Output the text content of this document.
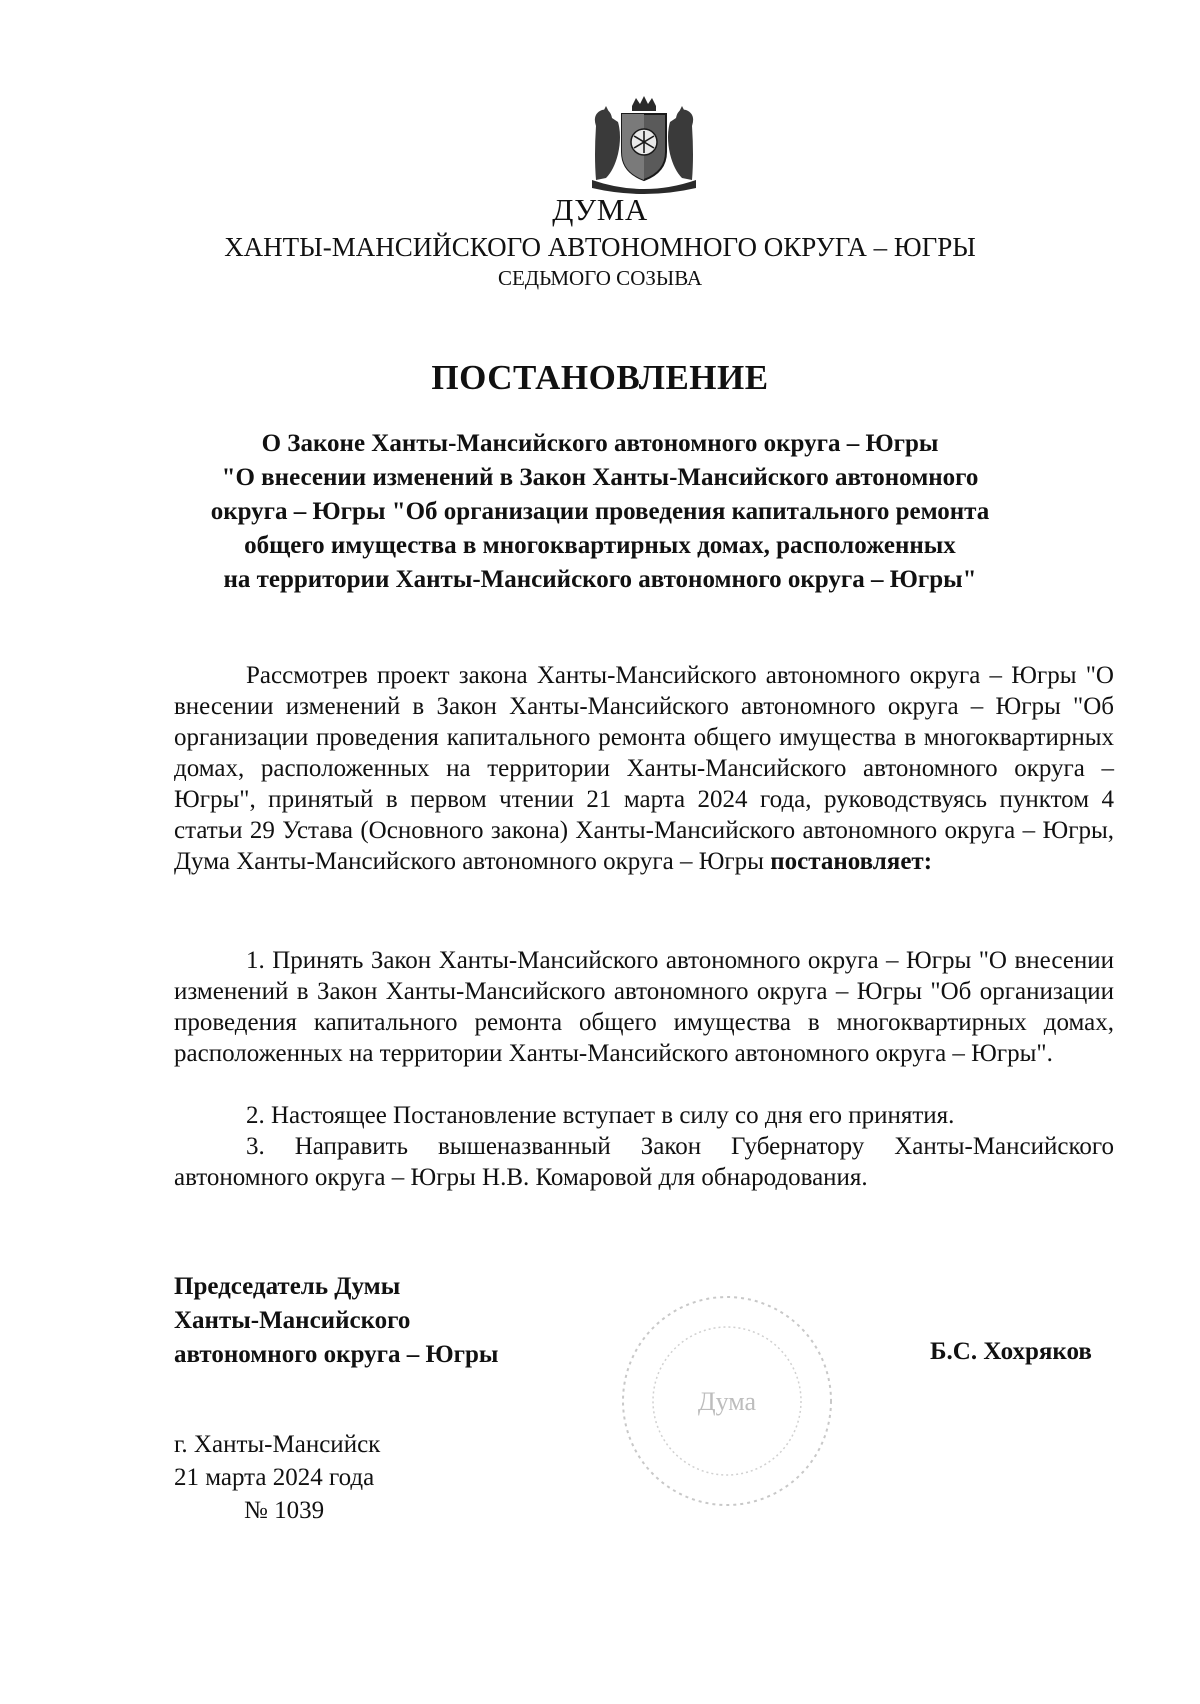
ДУМА
ХАНТЫ-МАНСИЙСКОГО АВТОНОМНОГО ОКРУГА – ЮГРЫ
СЕДЬМОГО СОЗЫВА
ПОСТАНОВЛЕНИЕ
О Законе Ханты-Мансийского автономного округа – Югры
"О внесении изменений в Закон Ханты-Мансийского автономного
округа – Югры "Об организации проведения капитального ремонта
общего имущества в многоквартирных домах, расположенных
на территории Ханты-Мансийского автономного округа – Югры"

Рассмотрев проект закона Ханты-Мансийского автономного округа – Югры "О внесении изменений в Закон Ханты-Мансийского автономного округа – Югры "Об организации проведения капитального ремонта общего имущества в многоквартирных домах, расположенных на территории Ханты-Мансийского автономного округа – Югры", принятый в первом чтении 21 марта 2024 года, руководствуясь пунктом 4 статьи 29 Устава (Основного закона) Ханты-Мансийского автономного округа – Югры, Дума Ханты-Мансийского автономного округа – Югры постановляет:

1. Принять Закон Ханты-Мансийского автономного округа – Югры "О внесении изменений в Закон Ханты-Мансийского автономного округа – Югры "Об организации проведения капитального ремонта общего имущества в многоквартирных домах, расположенных на территории Ханты-Мансийского автономного округа – Югры".

2. Настоящее Постановление вступает в силу со дня его принятия.

3. Направить вышеназванный Закон Губернатору Ханты-Мансийского автономного округа – Югры Н.В. Комаровой для обнародования.

Председатель Думы
Ханты-Мансийского
автономного округа – Югры
Дума
Б.С. Хохряков
г. Ханты-Мансийск
21 марта 2024 года
№ 1039
